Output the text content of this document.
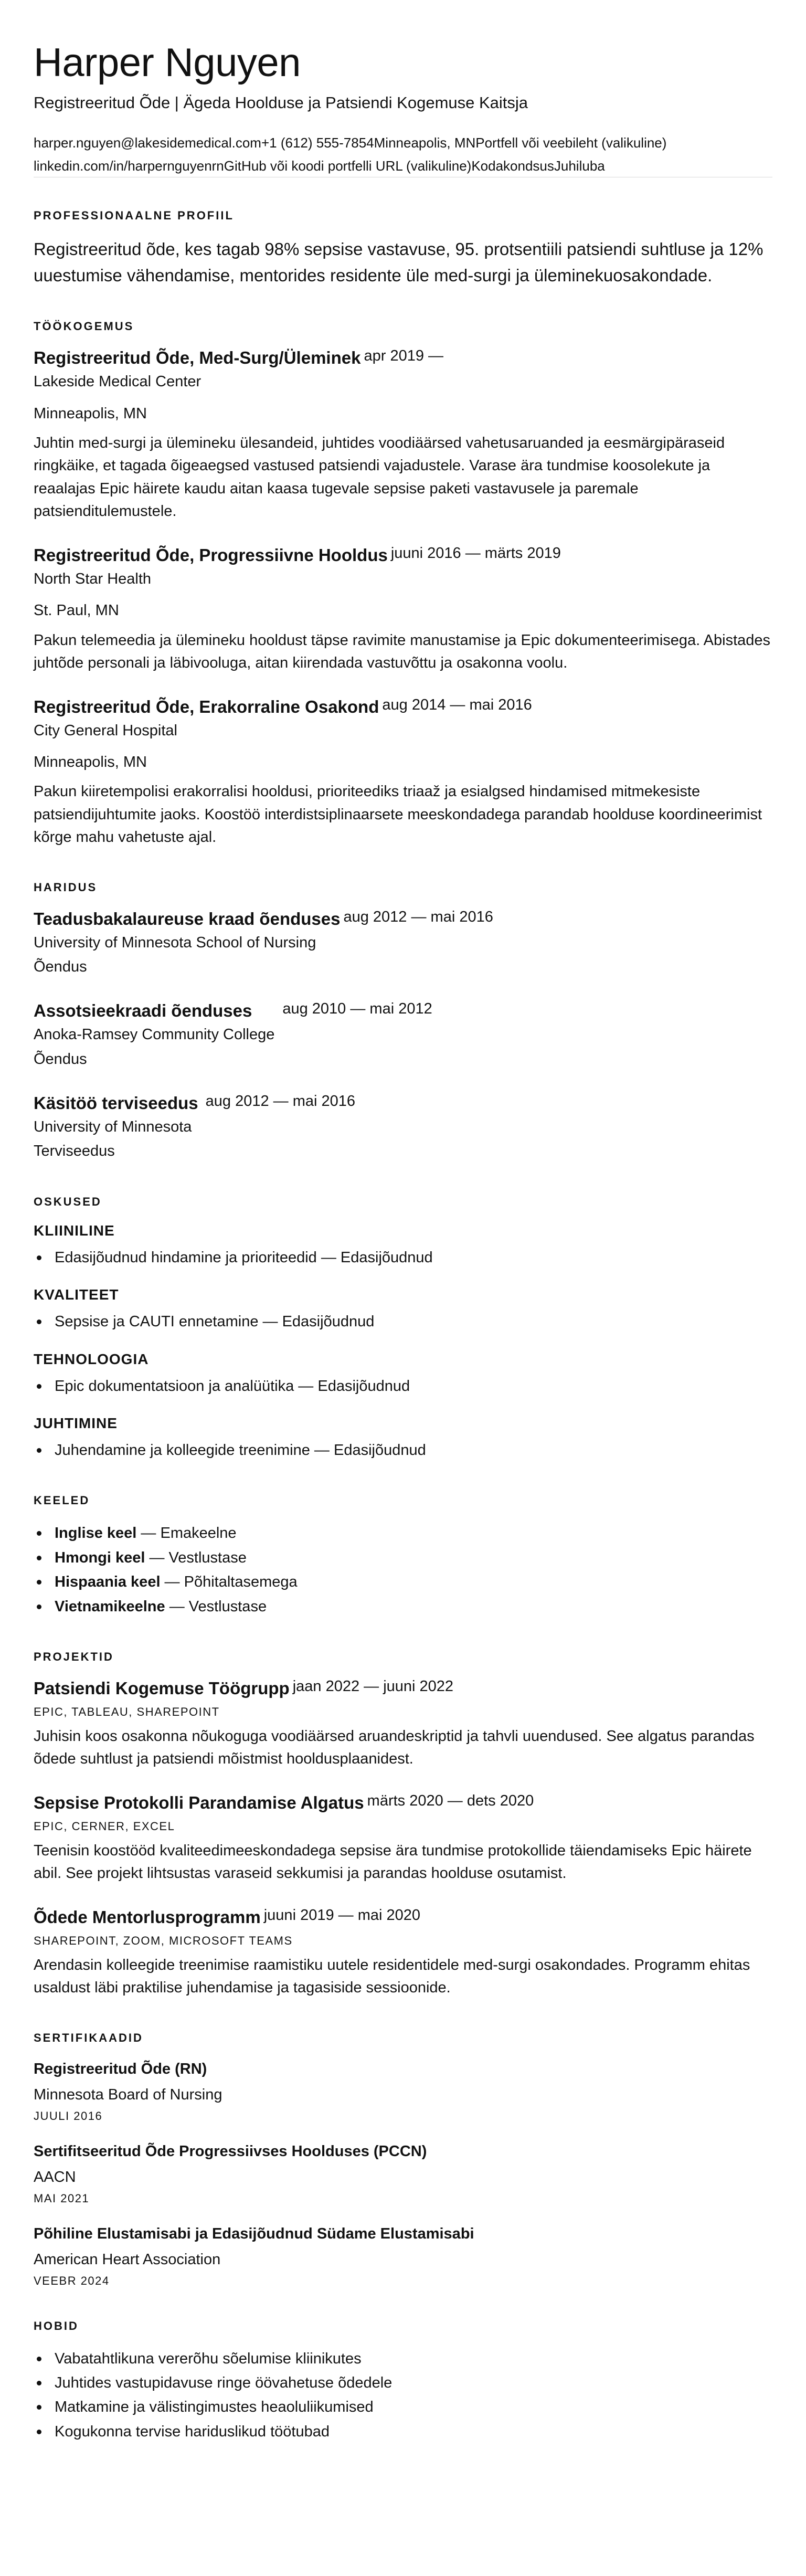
Harper Nguyen
Registreeritud Õde | Ägeda Hoolduse ja Patsiendi Kogemuse Kaitsja
harper.nguyen@lakesidemedical.com+1 (612) 555-7854Minneapolis, MNPortfell või veebileht (valikuline)
linkedin.com/in/harpernguyenrnGitHub või koodi portfelli URL (valikuline)KodakondsusJuhiluba
PROFESSIONAALNE PROFIIL
Registreeritud õde, kes tagab 98% sepsise vastavuse, 95. protsentiili patsiendi suhtluse ja 12% uuestumise vähendamise, mentorides residente üle med-surgi ja üleminekuosakondade.
TÖÖKOGEMUS
Registreeritud Õde, Med-Surg/Üleminek apr 2019 —
Lakeside Medical Center
Minneapolis, MN
Juhtin med-surgi ja ülemineku ülesandeid, juhtides voodiäärsed vahetusaruanded ja eesmärgipäraseid ringkäike, et tagada õigeaegsed vastused patsiendi vajadustele. Varase ära tundmise koosolekute ja reaalajas Epic häirete kaudu aitan kaasa tugevale sepsise paketi vastavusele ja paremale patsienditulemustele.
Registreeritud Õde, Progressiivne Hooldus juuni 2016 — märts 2019
North Star Health
St. Paul, MN
Pakun telemeedia ja ülemineku hooldust täpse ravimite manustamise ja Epic dokumenteerimisega. Abistades juhtõde personali ja läbivooluga, aitan kiirendada vastuvõttu ja osakonna voolu.
Registreeritud Õde, Erakorraline Osakond aug 2014 — mai 2016
City General Hospital
Minneapolis, MN
Pakun kiiretempolisi erakorralisi hooldusi, prioriteediks triaaž ja esialgsed hindamised mitmekesiste patsiendijuhtumite jaoks. Koostöö interdistsiplinaarsete meeskondadega parandab hoolduse koordineerimist kõrge mahu vahetuste ajal.
HARIDUS
Teadusbakalaureuse kraad õenduses aug 2012 — mai 2016
University of Minnesota School of Nursing
Õendus
Assotsieekraadi õenduses aug 2010 — mai 2012
Anoka-Ramsey Community College
Õendus
Käsitöö terviseedus aug 2012 — mai 2016
University of Minnesota
Terviseedus
OSKUSED
KLIINILINE
Edasijõudnud hindamine ja prioriteedid — Edasijõudnud
KVALITEET
Sepsise ja CAUTI ennetamine — Edasijõudnud
TEHNOLOOGIA
Epic dokumentatsioon ja analüütika — Edasijõudnud
JUHTIMINE
Juhendamine ja kolleegide treenimine — Edasijõudnud
KEELED
Inglise keel — Emakeelne
Hmongi keel — Vestlustase
Hispaania keel — Põhitaltasemega
Vietnamikeelne — Vestlustase
PROJEKTID
Patsiendi Kogemuse Töögrupp jaan 2022 — juuni 2022
EPIC, TABLEAU, SHAREPOINT
Juhisin koos osakonna nõukoguga voodiäärsed aruandeskriptid ja tahvli uuendused. See algatus parandas õdede suhtlust ja patsiendi mõistmist hooldusplaanidest.
Sepsise Protokolli Parandamise Algatus märts 2020 — dets 2020
EPIC, CERNER, EXCEL
Teenisin koostööd kvaliteedimeeskondadega sepsise ära tundmise protokollide täiendamiseks Epic häirete abil. See projekt lihtsustas varaseid sekkumisi ja parandas hoolduse osutamist.
Õdede Mentorlusprogramm juuni 2019 — mai 2020
SHAREPOINT, ZOOM, MICROSOFT TEAMS
Arendasin kolleegide treenimise raamistiku uutele residentidele med-surgi osakondades. Programm ehitas usaldust läbi praktilise juhendamise ja tagasiside sessioonide.
SERTIFIKAADID
Registreeritud Õde (RN)
Minnesota Board of Nursing
JUULI 2016
Sertifitseeritud Õde Progressiivses Hoolduses (PCCN)
AACN
MAI 2021
Põhiline Elustamisabi ja Edasijõudnud Südame Elustamisabi
American Heart Association
VEEBR 2024
HOBID
Vabatahtlikuna vererõhu sõelumise kliinikutes
Juhtides vastupidavuse ringe öövahetuse õdedele
Matkamine ja välistingimustes heaoluliikumised
Kogukonna tervise hariduslikud töötubad
